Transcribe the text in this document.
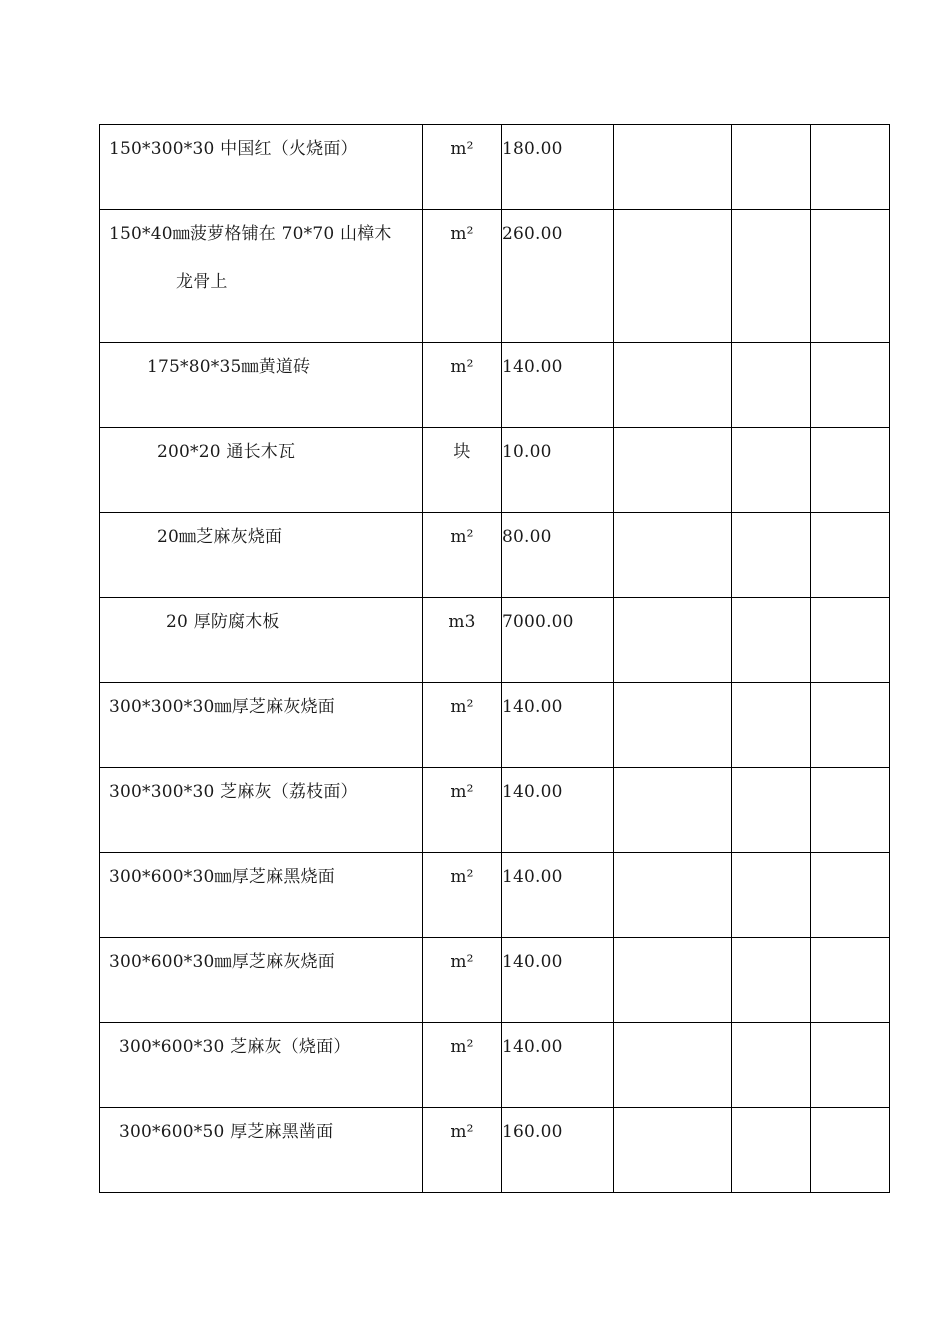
150*300*30 中国红（火烧面）	m²	180.00			

150*40㎜菠萝格铺在 70*70 山樟木
龙骨上	m²	260.00			

175*80*35㎜黄道砖	m²	140.00			

200*20 通长木瓦	块	10.00			

20㎜芝麻灰烧面	m²	80.00			

20 厚防腐木板	m3	7000.00			

300*300*30㎜厚芝麻灰烧面	m²	140.00			

300*300*30 芝麻灰（荔枝面）	m²	140.00			

300*600*30㎜厚芝麻黑烧面	m²	140.00			

300*600*30㎜厚芝麻灰烧面	m²	140.00			

300*600*30 芝麻灰（烧面）	m²	140.00			

300*600*50 厚芝麻黑凿面	m²	160.00			
